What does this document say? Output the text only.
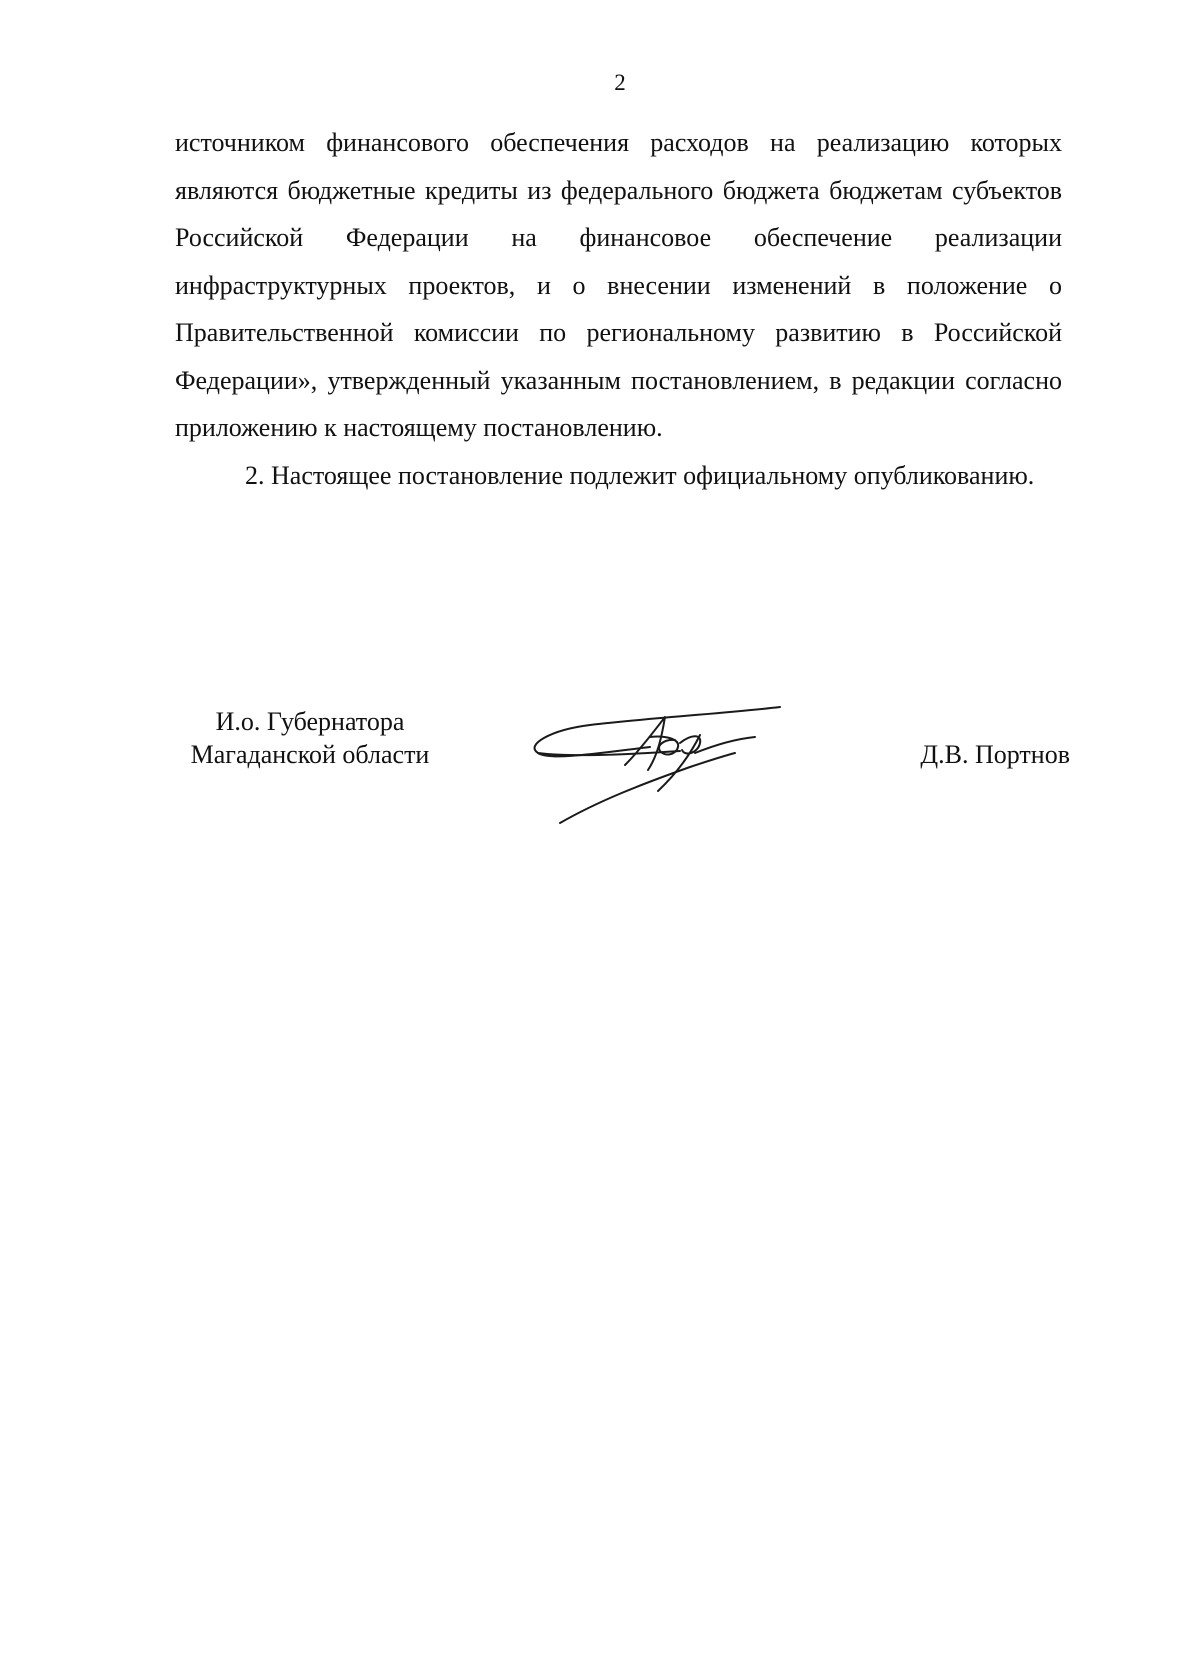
2

источником финансового обеспечения расходов на реализацию которых являются бюджетные кредиты из федерального бюджета бюджетам субъектов Российской Федерации на финансовое обеспечение реализации инфраструктурных проектов, и о внесении изменений в положение о Правительственной комиссии по региональному развитию в Российской Федерации», утвержденный указанным постановлением, в редакции согласно приложению к настоящему постановлению.

2. Настоящее постановление подлежит официальному опубликованию.

И.о. Губернатора
Магаданской области	Д.В. Портнов
